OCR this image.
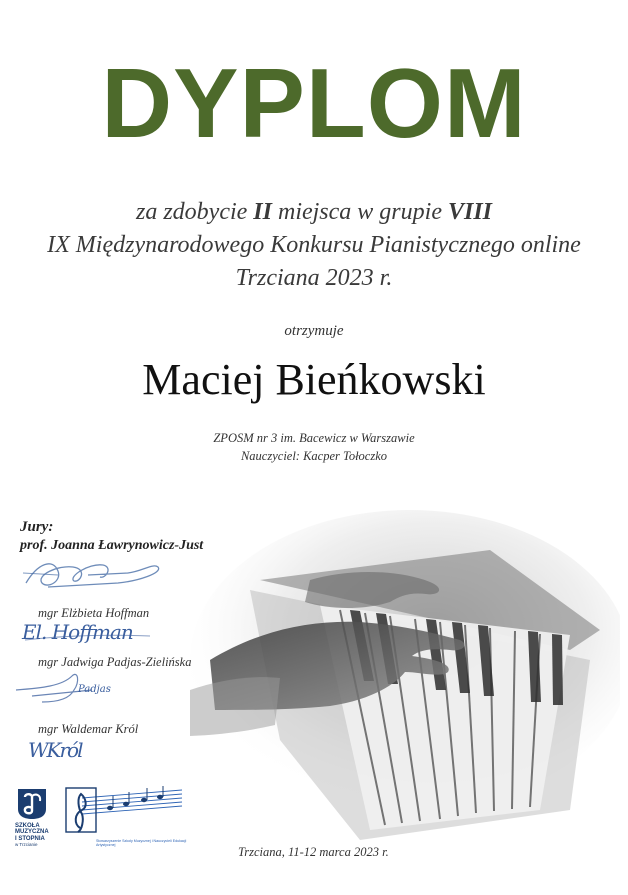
DYPLOM
za zdobycie II miejsca w grupie VIII
IX Międzynarodowego Konkursu Pianistycznego online
Trzciana 2023 r.
otrzymuje
Maciej Bieńkowski
ZPOSM nr 3 im. Bacewicz w Warszawie
Nauczyciel: Kacper Tołoczko
Jury:
prof. Joanna Ławrynowicz-Just
mgr Elżbieta Hoffman
El. Hoffman
mgr Jadwiga Padjas-Zielińska
Padjas
mgr Waldemar Król
WKról
SZKOŁA
MUZYCZNA
I STOPNIA
w Trzcianie
Stowarzyszenie Szkoły Muzycznej i Nauczycieli Edukacji Artystycznej	Trzciana, 11-12 marca 2023 r.
